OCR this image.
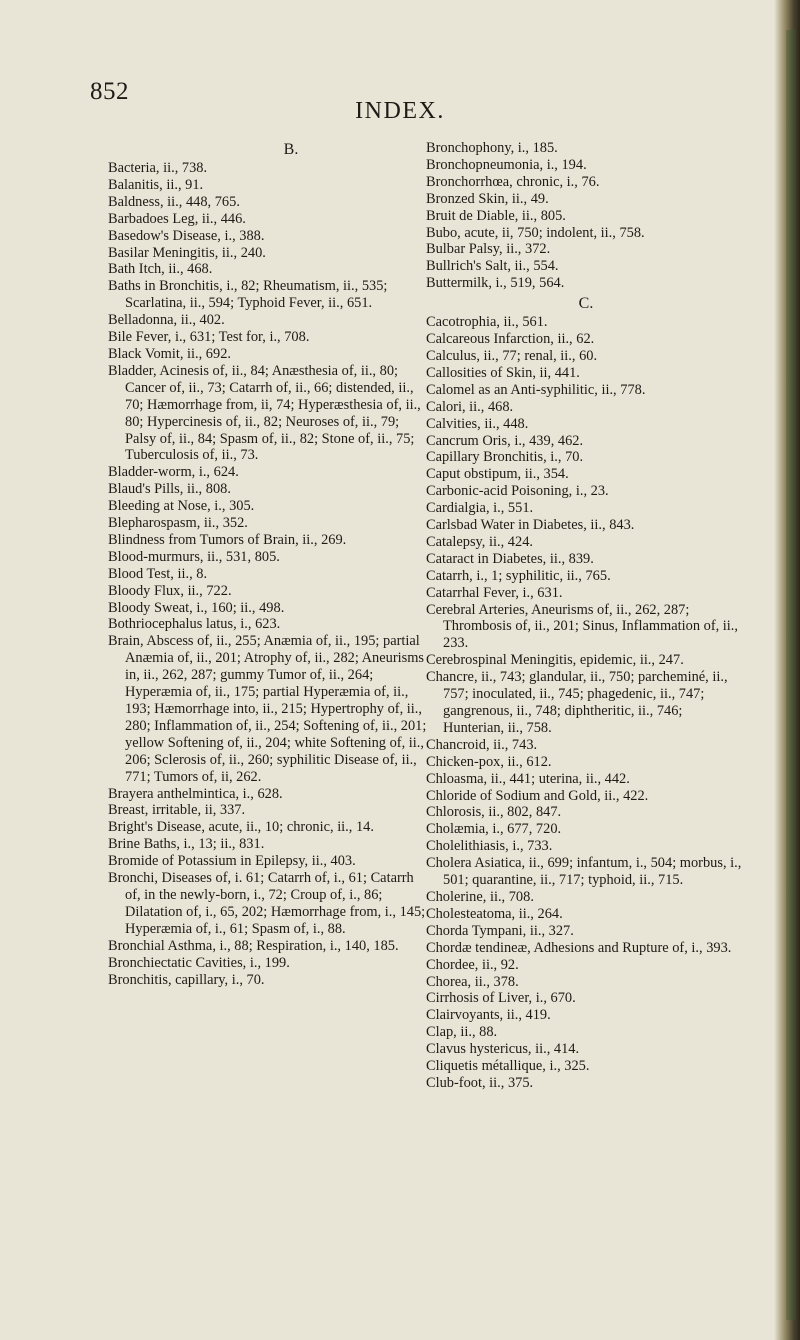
852
INDEX.
B.
Bacteria, ii., 738.
Balanitis, ii., 91.
Baldness, ii., 448, 765.
Barbadoes Leg, ii., 446.
Basedow's Disease, i., 388.
Basilar Meningitis, ii., 240.
Bath Itch, ii., 468.
Baths in Bronchitis, i., 82; Rheumatism, ii., 535; Scarlatina, ii., 594; Typhoid Fever, ii., 651.
Belladonna, ii., 402.
Bile Fever, i., 631; Test for, i., 708.
Black Vomit, ii., 692.
Bladder, Acinesis of, ii., 84; Anæsthesia of, ii., 80; Cancer of, ii., 73; Catarrh of, ii., 66; distended, ii., 70; Hæmorrhage from, ii, 74; Hyperæsthesia of, ii., 80; Hypercinesis of, ii., 82; Neuroses of, ii., 79; Palsy of, ii., 84; Spasm of, ii., 82; Stone of, ii., 75; Tuberculosis of, ii., 73.
Bladder-worm, i., 624.
Blaud's Pills, ii., 808.
Bleeding at Nose, i., 305.
Blepharospasm, ii., 352.
Blindness from Tumors of Brain, ii., 269.
Blood-murmurs, ii., 531, 805.
Blood Test, ii., 8.
Bloody Flux, ii., 722.
Bloody Sweat, i., 160; ii., 498.
Bothriocephalus latus, i., 623.
Brain, Abscess of, ii., 255; Anæmia of, ii., 195; partial Anæmia of, ii., 201; Atrophy of, ii., 282; Aneurisms in, ii., 262, 287; gummy Tumor of, ii., 264; Hyperæmia of, ii., 175; partial Hyperæmia of, ii., 193; Hæmorrhage into, ii., 215; Hypertrophy of, ii., 280; Inflammation of, ii., 254; Softening of, ii., 201; yellow Softening of, ii., 204; white Softening of, ii., 206; Sclerosis of, ii., 260; syphilitic Disease of, ii., 771; Tumors of, ii, 262.
Brayera anthelmintica, i., 628.
Breast, irritable, ii, 337.
Bright's Disease, acute, ii., 10; chronic, ii., 14.
Brine Baths, i., 13; ii., 831.
Bromide of Potassium in Epilepsy, ii., 403.
Bronchi, Diseases of, i. 61; Catarrh of, i., 61; Catarrh of, in the newly-born, i., 72; Croup of, i., 86; Dilatation of, i., 65, 202; Hæmorrhage from, i., 145; Hyperæmia of, i., 61; Spasm of, i., 88.
Bronchial Asthma, i., 88; Respiration, i., 140, 185.
Bronchiectatic Cavities, i., 199.
Bronchitis, capillary, i., 70.
Bronchophony, i., 185.
Bronchopneumonia, i., 194.
Bronchorrhœa, chronic, i., 76.
Bronzed Skin, ii., 49.
Bruit de Diable, ii., 805.
Bubo, acute, ii, 750; indolent, ii., 758.
Bulbar Palsy, ii., 372.
Bullrich's Salt, ii., 554.
Buttermilk, i., 519, 564.
C.
Cacotrophia, ii., 561.
Calcareous Infarction, ii., 62.
Calculus, ii., 77; renal, ii., 60.
Callosities of Skin, ii, 441.
Calomel as an Anti-syphilitic, ii., 778.
Calori, ii., 468.
Calvities, ii., 448.
Cancrum Oris, i., 439, 462.
Capillary Bronchitis, i., 70.
Caput obstipum, ii., 354.
Carbonic-acid Poisoning, i., 23.
Cardialgia, i., 551.
Carlsbad Water in Diabetes, ii., 843.
Catalepsy, ii., 424.
Cataract in Diabetes, ii., 839.
Catarrh, i., 1; syphilitic, ii., 765.
Catarrhal Fever, i., 631.
Cerebral Arteries, Aneurisms of, ii., 262, 287; Thrombosis of, ii., 201; Sinus, Inflammation of, ii., 233.
Cerebrospinal Meningitis, epidemic, ii., 247.
Chancre, ii., 743; glandular, ii., 750; parcheminé, ii., 757; inoculated, ii., 745; phagedenic, ii., 747; gangrenous, ii., 748; diphtheritic, ii., 746; Hunterian, ii., 758.
Chancroid, ii., 743.
Chicken-pox, ii., 612.
Chloasma, ii., 441; uterina, ii., 442.
Chloride of Sodium and Gold, ii., 422.
Chlorosis, ii., 802, 847.
Cholæmia, i., 677, 720.
Cholelithiasis, i., 733.
Cholera Asiatica, ii., 699; infantum, i., 504; morbus, i., 501; quarantine, ii., 717; typhoid, ii., 715.
Cholerine, ii., 708.
Cholesteatoma, ii., 264.
Chorda Tympani, ii., 327.
Chordæ tendineæ, Adhesions and Rupture of, i., 393.
Chordee, ii., 92.
Chorea, ii., 378.
Cirrhosis of Liver, i., 670.
Clairvoyants, ii., 419.
Clap, ii., 88.
Clavus hystericus, ii., 414.
Cliquetis métallique, i., 325.
Club-foot, ii., 375.
